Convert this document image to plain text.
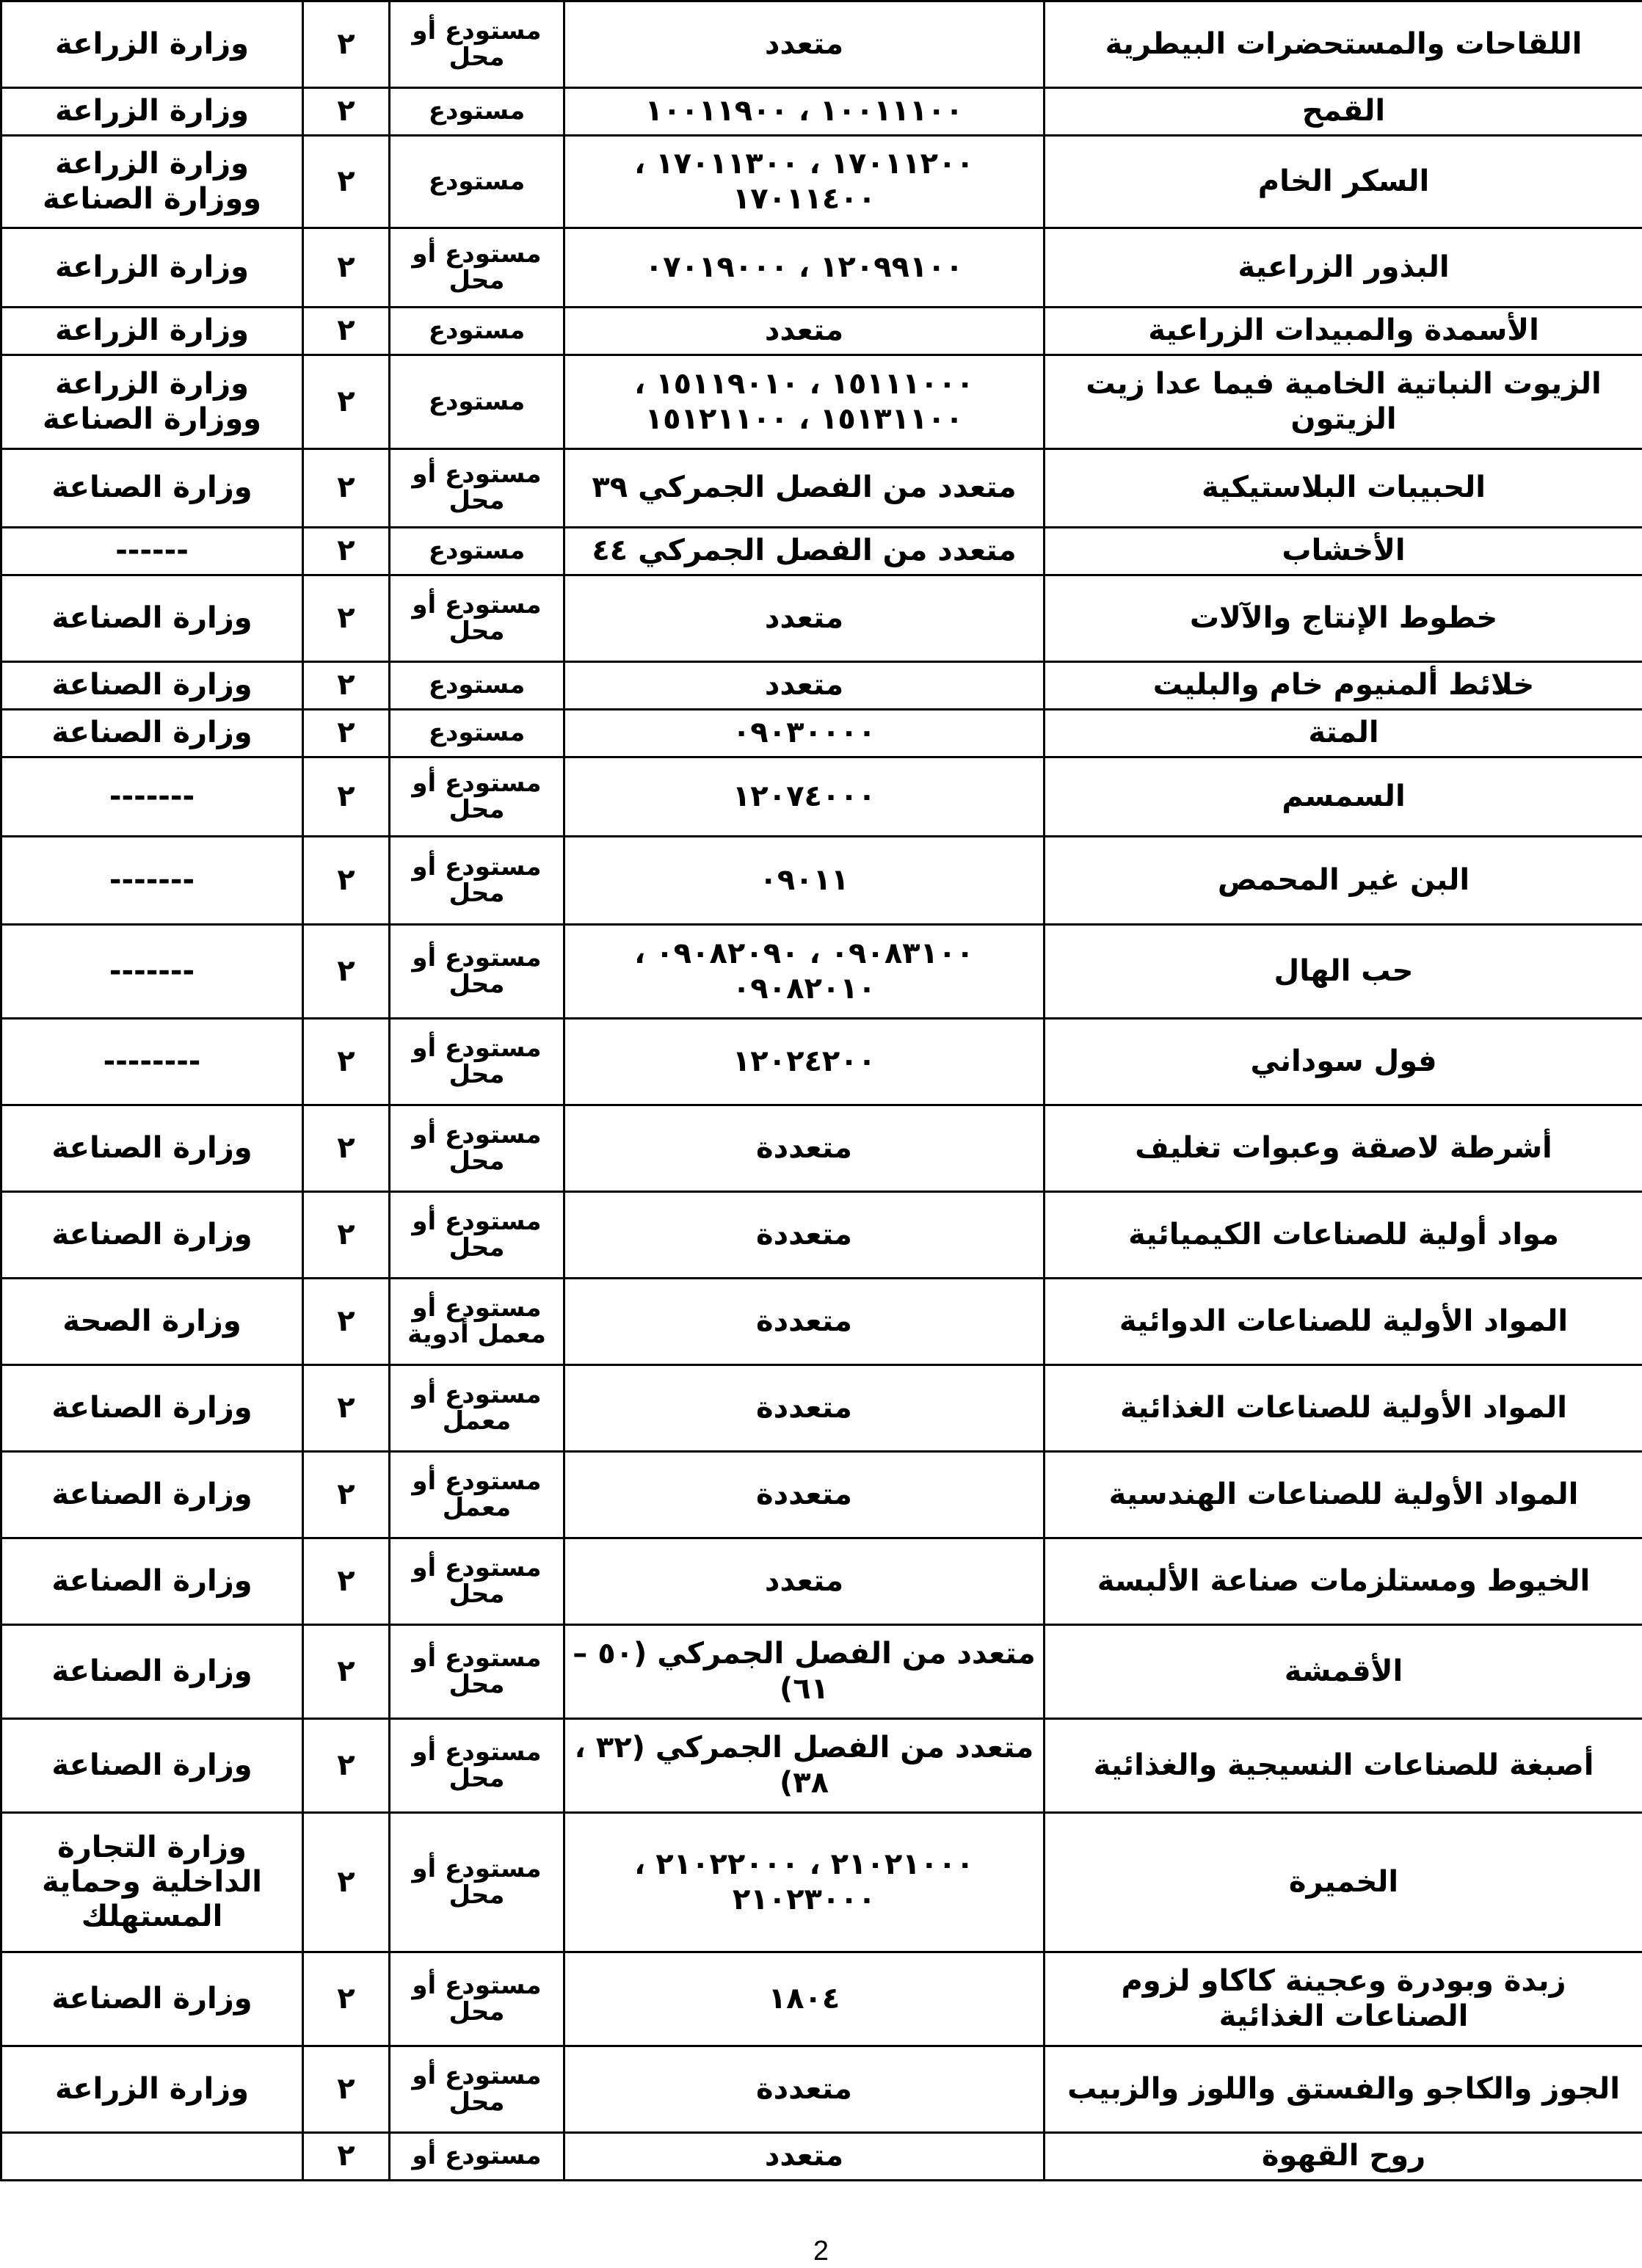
اللقاحات والمستحضرات البيطرية	متعدد	مستودع أو محل	٢	وزارة الزراعة
القمح	١٠٠١١١٠٠ ، ١٠٠١١٩٠٠	مستودع	٢	وزارة الزراعة
السكر الخام	١٧٠١١٢٠٠ ، ١٧٠١١٣٠٠ ، ١٧٠١١٤٠٠	مستودع	٢	وزارة الزراعة ووزارة الصناعة
البذور الزراعية	١٢٠٩٩١٠٠ ، ٠٧٠١٩٠٠٠	مستودع أو محل	٢	وزارة الزراعة
الأسمدة والمبيدات الزراعية	متعدد	مستودع	٢	وزارة الزراعة
الزيوت النباتية الخامية فيما عدا زيت الزيتون	١٥١١١٠٠٠ ، ١٥١١٩٠١٠ ، ١٥١٣١١٠٠ ، ١٥١٢١١٠٠	مستودع	٢	وزارة الزراعة ووزارة الصناعة
الحبيبات البلاستيكية	متعدد من الفصل الجمركي ٣٩	مستودع أو محل	٢	وزارة الصناعة
الأخشاب	متعدد من الفصل الجمركي ٤٤	مستودع	٢	------
خطوط الإنتاج والآلات	متعدد	مستودع أو محل	٢	وزارة الصناعة
خلائط ألمنيوم خام والبليت	متعدد	مستودع	٢	وزارة الصناعة
المتة	٠٩٠٣٠٠٠٠	مستودع	٢	وزارة الصناعة
السمسم	١٢٠٧٤٠٠٠	مستودع أو محل	٢	-------
البن غير المحمص	٠٩٠١١	مستودع أو محل	٢	-------
حب الهال	٠٩٠٨٣١٠٠ ، ٠٩٠٨٢٠٩٠ ، ٠٩٠٨٢٠١٠	مستودع أو محل	٢	-------
فول سوداني	١٢٠٢٤٢٠٠	مستودع أو محل	٢	--------
أشرطة لاصقة وعبوات تغليف	متعددة	مستودع أو محل	٢	وزارة الصناعة
مواد أولية للصناعات الكيميائية	متعددة	مستودع أو محل	٢	وزارة الصناعة
المواد الأولية للصناعات الدوائية	متعددة	مستودع أو معمل أدوية	٢	وزارة الصحة
المواد الأولية للصناعات الغذائية	متعددة	مستودع أو معمل	٢	وزارة الصناعة
المواد الأولية للصناعات الهندسية	متعددة	مستودع أو معمل	٢	وزارة الصناعة
الخيوط ومستلزمات صناعة الألبسة	متعدد	مستودع أو محل	٢	وزارة الصناعة
الأقمشة	متعدد من الفصل الجمركي (٥٠ – ٦١)	مستودع أو محل	٢	وزارة الصناعة
أصبغة للصناعات النسيجية والغذائية	متعدد من الفصل الجمركي (٣٢ ، ٣٨)	مستودع أو محل	٢	وزارة الصناعة
الخميرة	٢١٠٢١٠٠٠ ، ٢١٠٢٢٠٠٠ ، ٢١٠٢٣٠٠٠	مستودع أو محل	٢	وزارة التجارة الداخلية وحماية المستهلك
زبدة وبودرة وعجينة كاكاو لزوم الصناعات الغذائية	١٨٠٤	مستودع أو محل	٢	وزارة الصناعة
الجوز والكاجو والفستق واللوز والزبيب	متعددة	مستودع أو محل	٢	وزارة الزراعة
روح القهوة	متعدد	مستودع أو	٢	
2
